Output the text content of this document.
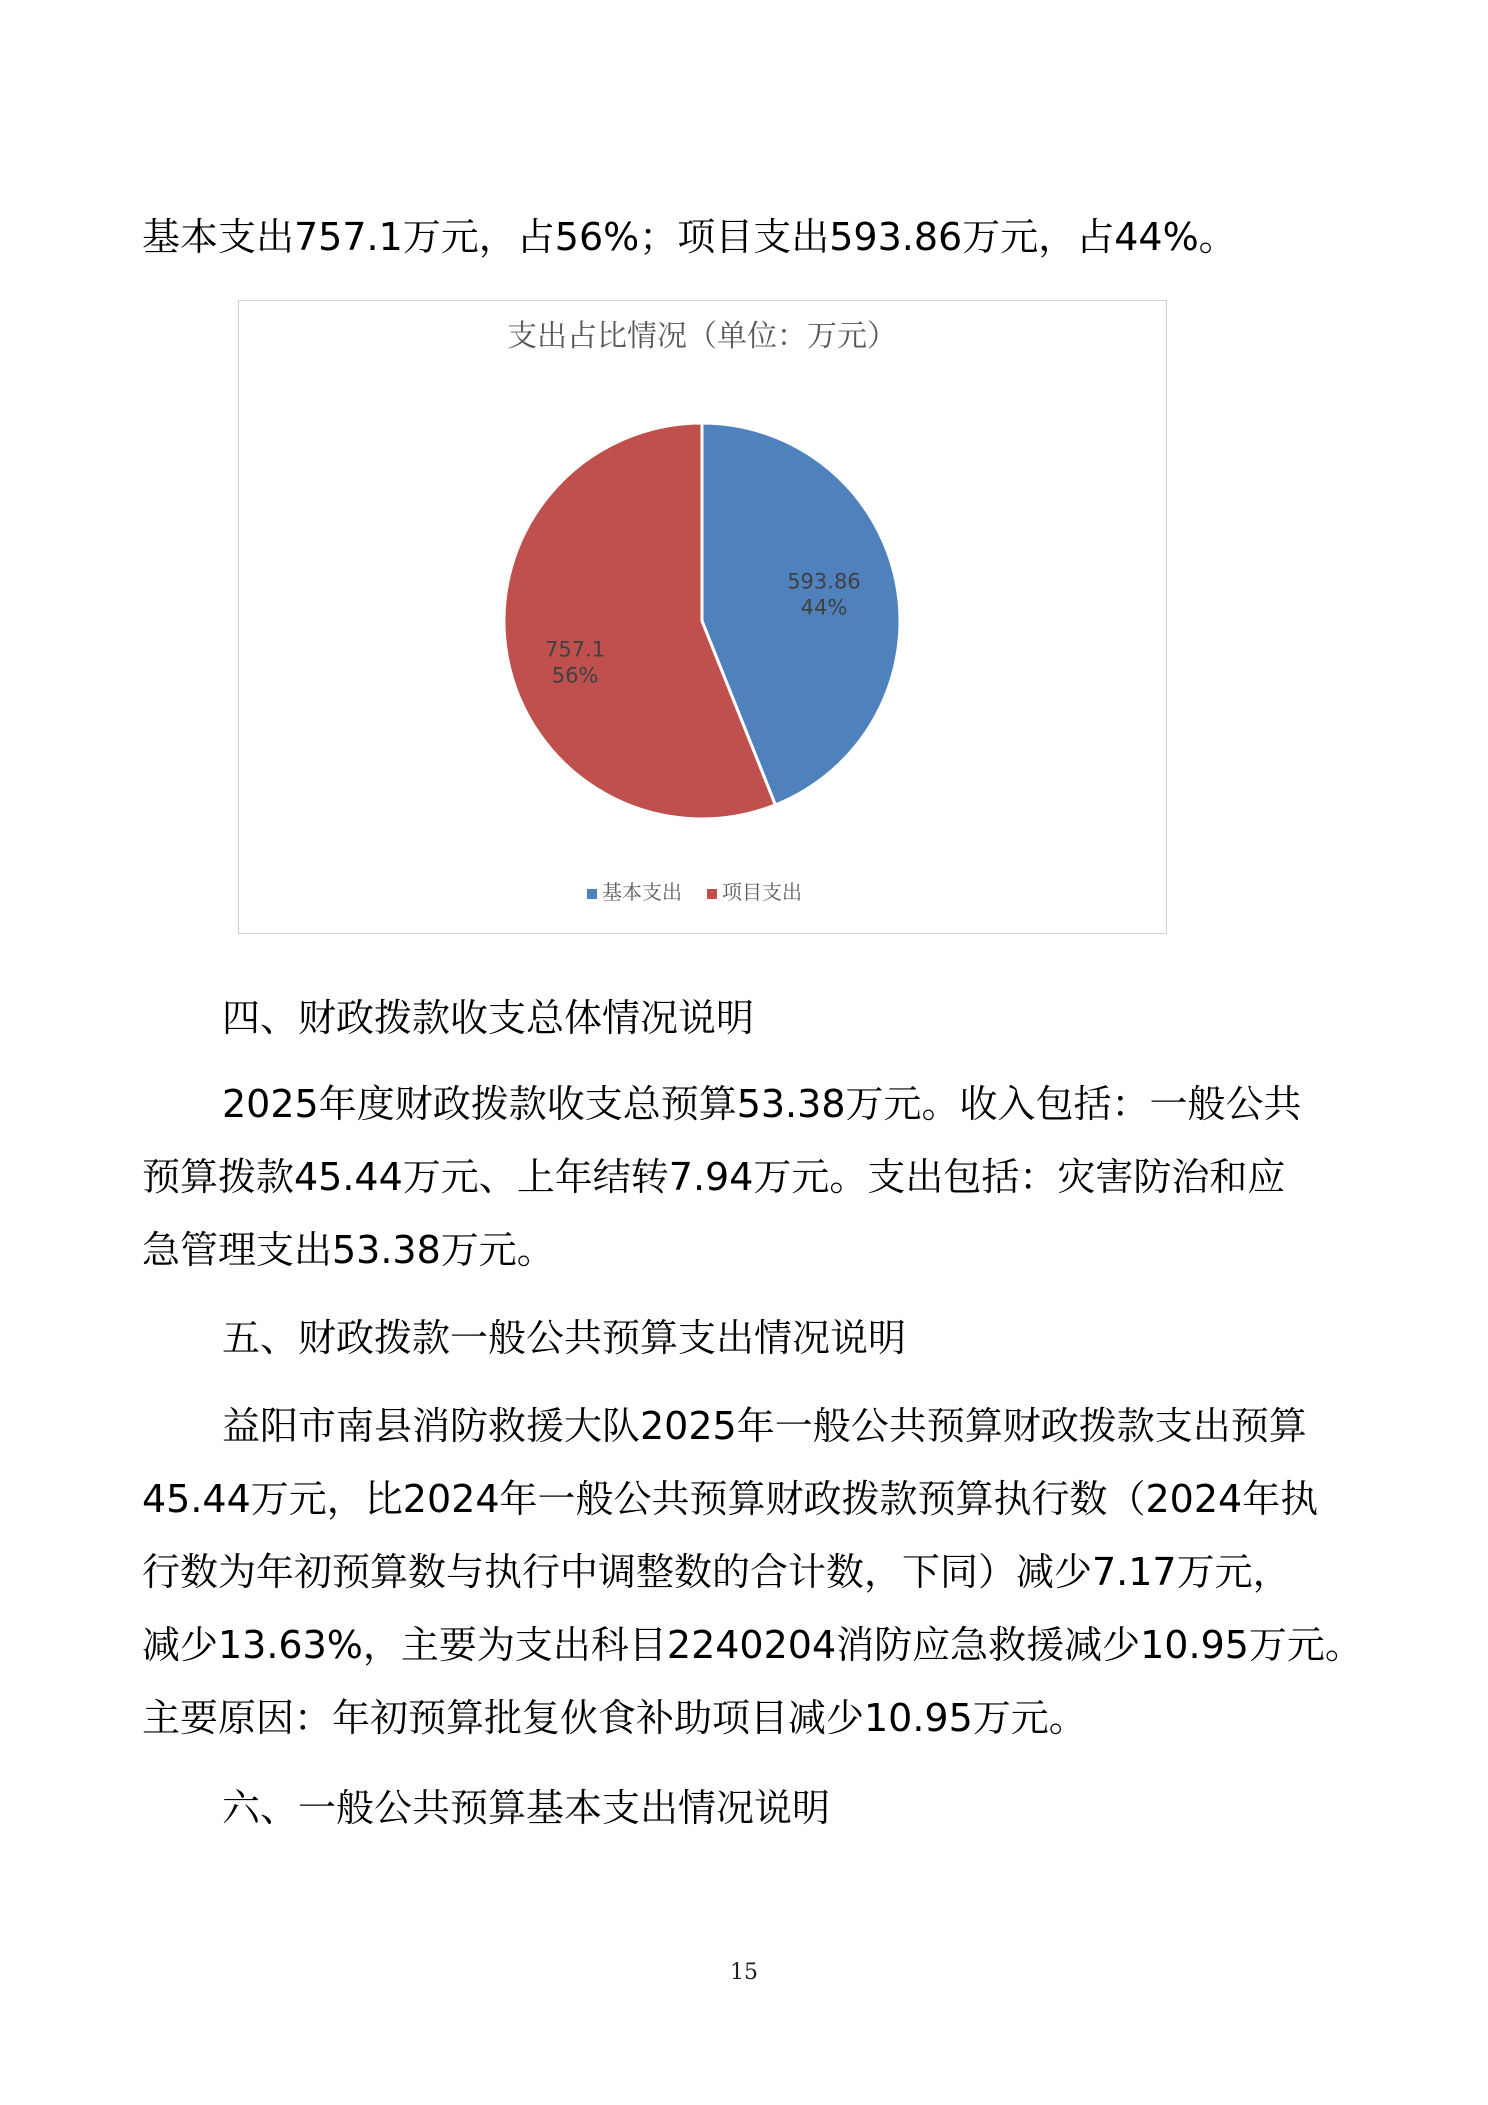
基本支出757.1万元，占56%；项目支出593.86万元，占44%。
支出占比情况（单位：万元）
593.86
44%
757.1
56%
基本支出 项目支出
四、财政拨款收支总体情况说明
2025年度财政拨款收支总预算53.38万元。收入包括：一般公共
预算拨款45.44万元、上年结转7.94万元。支出包括：灾害防治和应
急管理支出53.38万元。
五、财政拨款一般公共预算支出情况说明
益阳市南县消防救援大队2025年一般公共预算财政拨款支出预算
45.44万元，比2024年一般公共预算财政拨款预算执行数（2024年执
行数为年初预算数与执行中调整数的合计数，下同）减少7.17万元，
减少13.63%，主要为支出科目2240204消防应急救援减少10.95万元。
主要原因：年初预算批复伙食补助项目减少10.95万元。
六、一般公共预算基本支出情况说明
15
